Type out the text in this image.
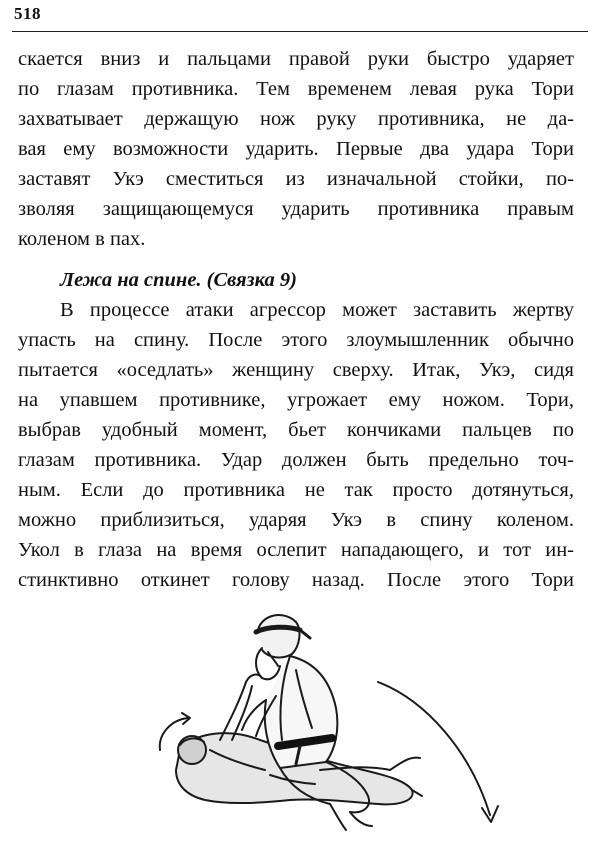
518
скается вниз и пальцами правой руки быстро ударяет
по глазам противника. Тем временем левая рука Тори
захватывает держащую нож руку противника, не да-
вая ему возможности ударить. Первые два удара Тори
заставят Укэ сместиться из изначальной стойки, по-
зволяя защищающемуся ударить противника правым
коленом в пах.
Лежа на спине. (Связка 9)
В процессе атаки агрессор может заставить жертву
упасть на спину. После этого злоумышленник обычно
пытается «оседлать» женщину сверху. Итак, Укэ, сидя
на упавшем противнике, угрожает ему ножом. Тори,
выбрав удобный момент, бьет кончиками пальцев по
глазам противника. Удар должен быть предельно точ-
ным. Если до противника не так просто дотянуться,
можно приблизиться, ударяя Укэ в спину коленом.
Укол в глаза на время ослепит нападающего, и тот ин-
стинктивно откинет голову назад. После этого Тори
